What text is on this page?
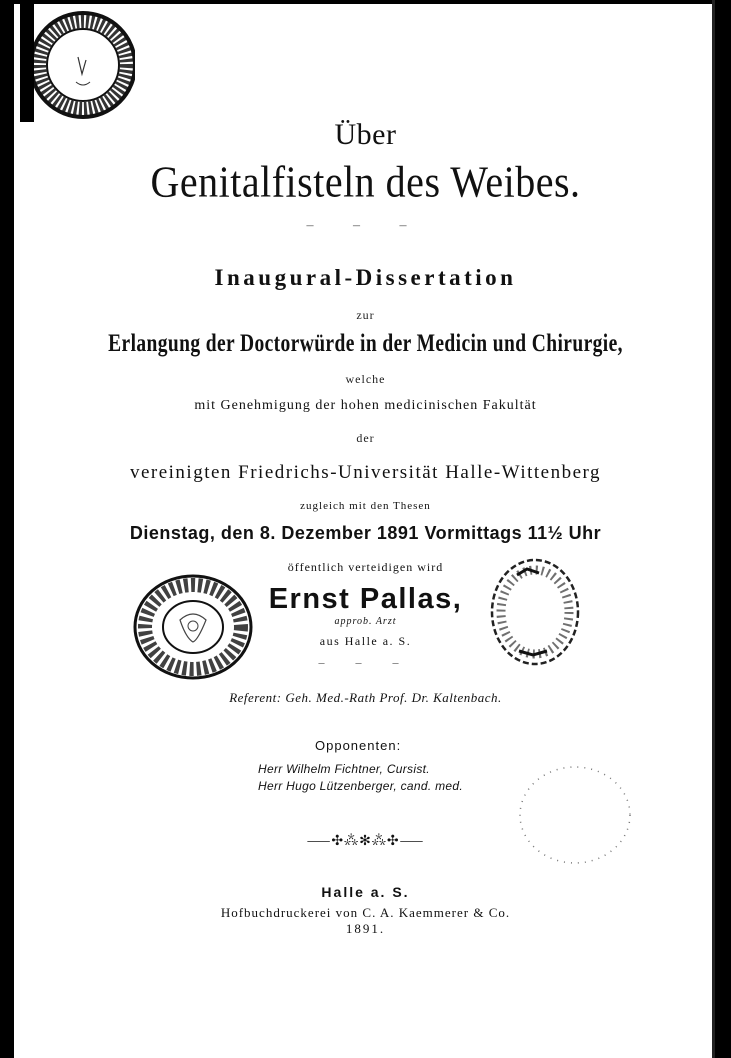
Über
Genitalfisteln des Weibes.
– – –
Inaugural-Dissertation
zur
Erlangung der Doctorwürde in der Medicin und Chirurgie,
welche
mit Genehmigung der hohen medicinischen Fakultät
der
vereinigten Friedrichs-Universität Halle-Wittenberg
zugleich mit den Thesen
Dienstag, den 8. Dezember 1891 Vormittags 11½ Uhr
öffentlich verteidigen wird
Ernst Pallas,
approb. Arzt
aus Halle a. S.
– – –
Referent: Geh. Med.-Rath Prof. Dr. Kaltenbach.
Opponenten:
Herr Wilhelm Fichtner, Cursist.
Herr Hugo Lützenberger, cand. med.
⸺✣⁂✻⁂✣⸺
Halle a. S.
Hofbuchdruckerei von C. A. Kaemmerer & Co.
1891.
